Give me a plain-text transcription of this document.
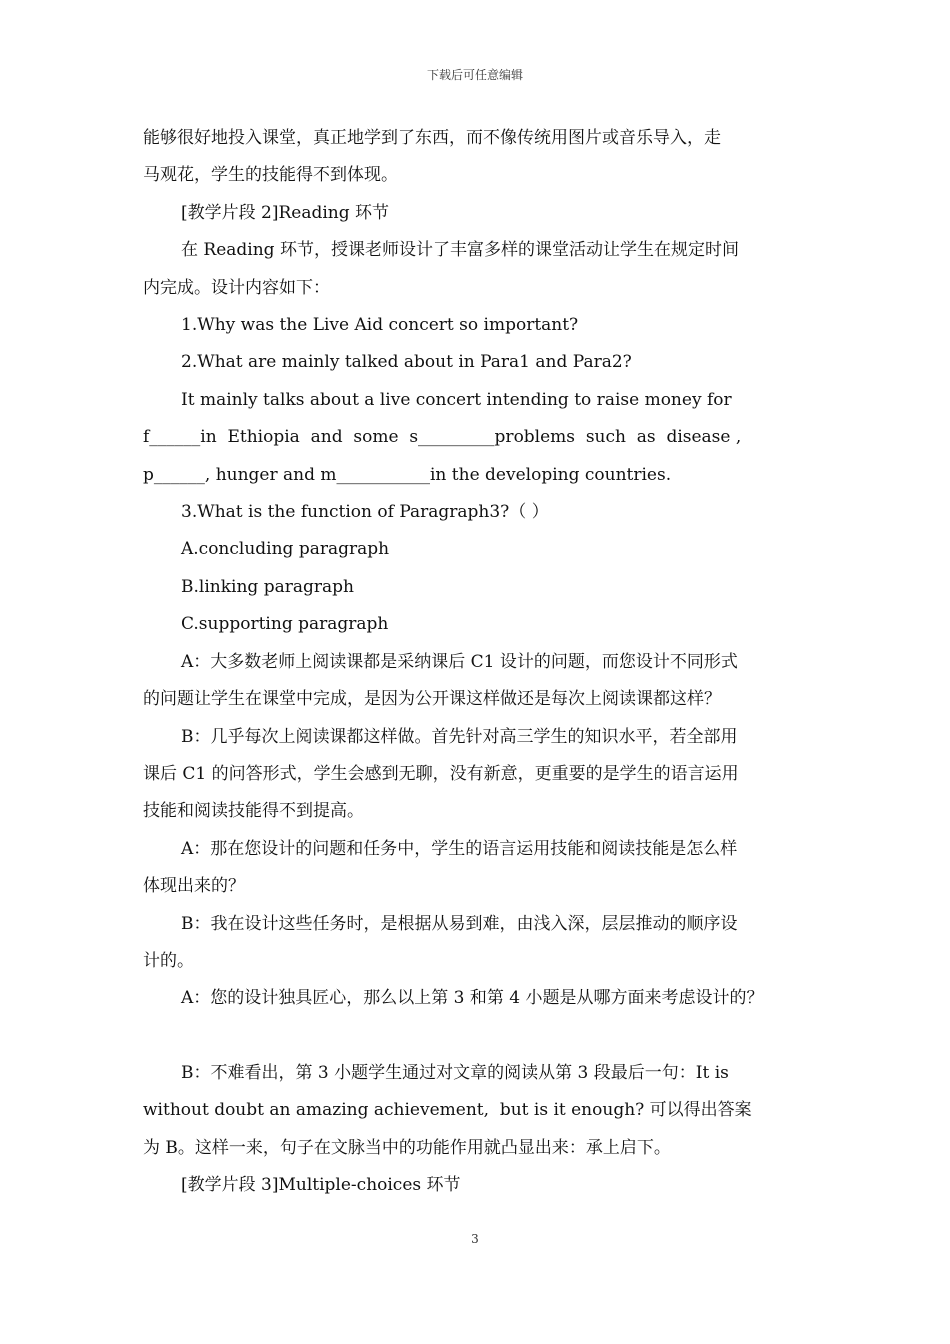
下载后可任意编辑

能够很好地投入课堂，真正地学到了东西，而不像传统用图片或音乐导入，走

马观花，学生的技能得不到体现。

[教学片段 2]Reading 环节

在 Reading 环节，授课老师设计了丰富多样的课堂活动让学生在规定时间

内完成。设计内容如下：

1.Why was the Live Aid concert so important?

2.What are mainly talked about in Para1 and Para2?

It mainly talks about a live concert intending to raise money for

f______in  Ethiopia  and  some  s_________problems  such  as  disease ,

p______, hunger and m___________in the developing countries.

3.What is the function of Paragraph3?（ ）

A.concluding paragraph

B.linking paragraph

C.supporting paragraph

A：大多数老师上阅读课都是采纳课后 C1 设计的问题，而您设计不同形式

的问题让学生在课堂中完成，是因为公开课这样做还是每次上阅读课都这样？

B：几乎每次上阅读课都这样做。首先针对高三学生的知识水平，若全部用

课后 C1 的问答形式，学生会感到无聊，没有新意，更重要的是学生的语言运用

技能和阅读技能得不到提高。

A：那在您设计的问题和任务中，学生的语言运用技能和阅读技能是怎么样

体现出来的？

B：我在设计这些任务时，是根据从易到难，由浅入深，层层推动的顺序设

计的。

A：您的设计独具匠心，那么以上第 3 和第 4 小题是从哪方面来考虑设计的？

B：不难看出，第 3 小题学生通过对文章的阅读从第 3 段最后一句：It is

without doubt an amazing achievement,  but is it enough? 可以得出答案

为 B。这样一来，句子在文脉当中的功能作用就凸显出来：承上启下。

[教学片段 3]Multiple-choices 环节

3
